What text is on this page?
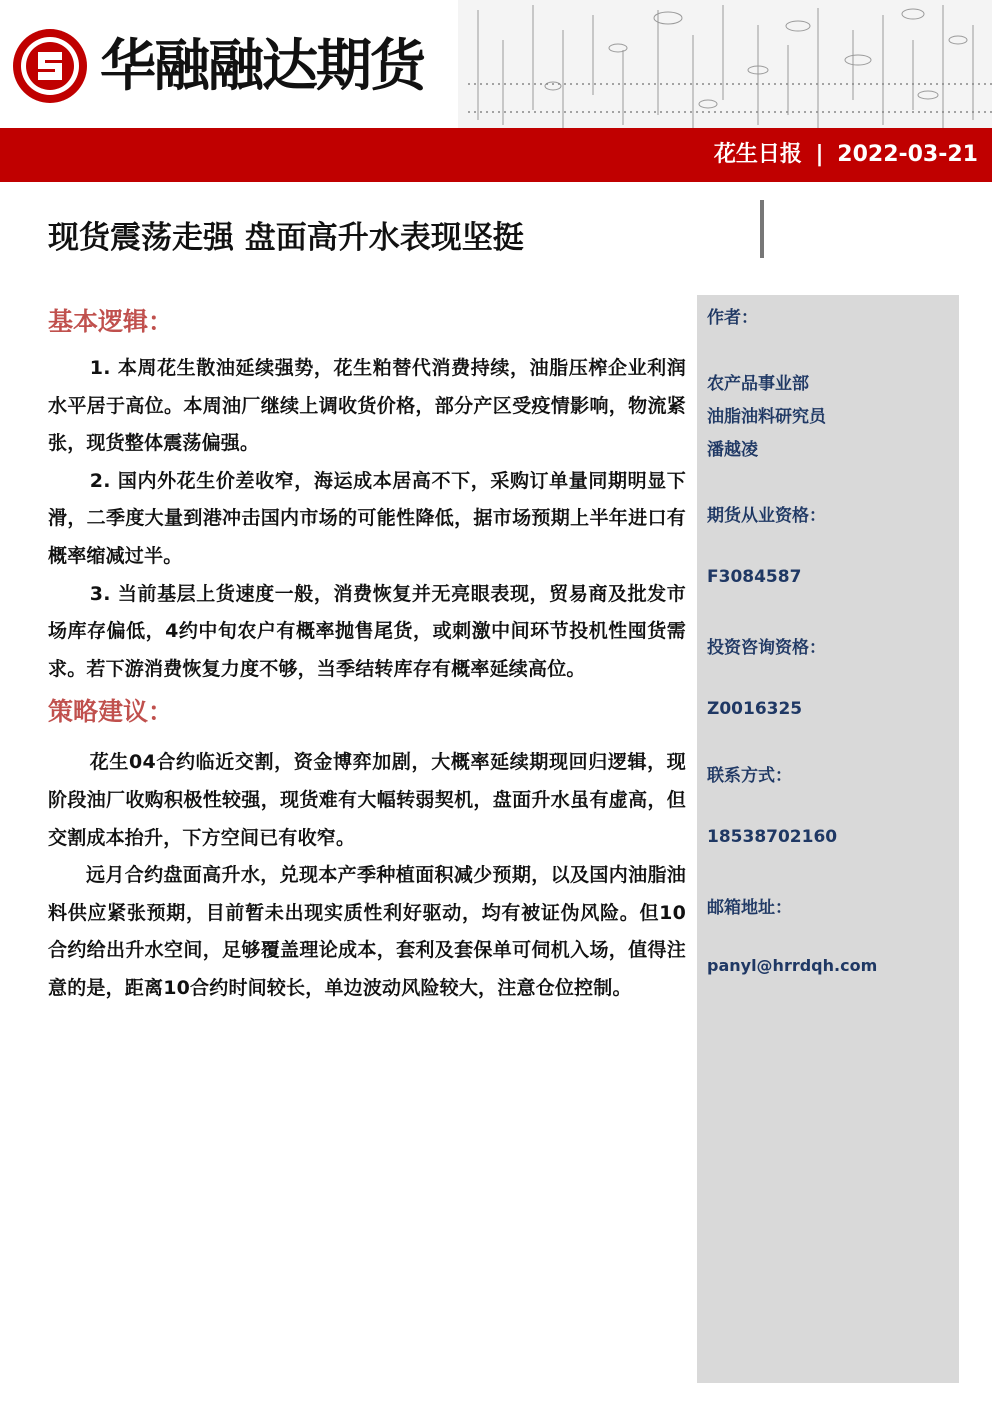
华融融达期货
花生日报 | 2022-03-21
现货震荡走强 盘面高升水表现坚挺
基本逻辑：

1. 本周花生散油延续强势，花生粕替代消费持续，油脂压榨企业利润水平居于高位。本周油厂继续上调收货价格，部分产区受疫情影响，物流紧张，现货整体震荡偏强。

2. 国内外花生价差收窄，海运成本居高不下，采购订单量同期明显下滑，二季度大量到港冲击国内市场的可能性降低，据市场预期上半年进口有概率缩减过半。

3. 当前基层上货速度一般，消费恢复并无亮眼表现，贸易商及批发市场库存偏低，4约中旬农户有概率抛售尾货，或刺激中间环节投机性囤货需求。若下游消费恢复力度不够，当季结转库存有概率延续高位。

策略建议：

花生04合约临近交割，资金博弈加剧，大概率延续期现回归逻辑，现阶段油厂收购积极性较强，现货难有大幅转弱契机，盘面升水虽有虚高，但交割成本抬升，下方空间已有收窄。

远月合约盘面高升水，兑现本产季种植面积减少预期，以及国内油脂油料供应紧张预期，目前暂未出现实质性利好驱动，均有被证伪风险。但10合约给出升水空间，足够覆盖理论成本，套利及套保单可伺机入场，值得注意的是，距离10合约时间较长，单边波动风险较大，注意仓位控制。

作者：
农产品事业部
油脂油料研究员
潘越凌
期货从业资格：
F3084587
投资咨询资格：
Z0016325
联系方式：
18538702160
邮箱地址：
panyl@hrrdqh.com
